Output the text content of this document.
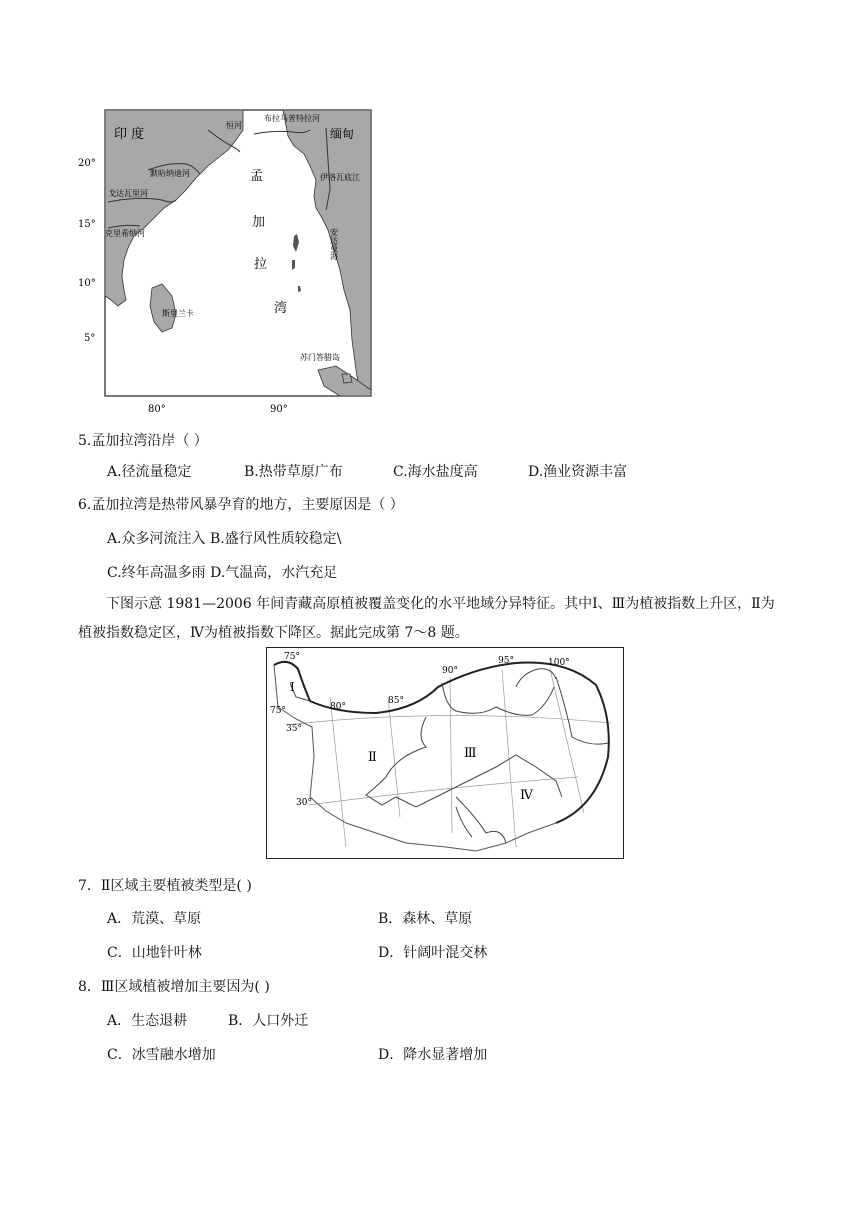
印 度	缅甸
恒河
布拉马普特拉河
默哈纳迪河
戈达瓦里河
克里希纳河
伊洛瓦底江
孟
加
拉
湾
安达曼海
斯里兰卡
苏门答腊岛
20°
15°
10°
5°
80°	90°
5.孟加拉湾沿岸（ ）
A.径流量稳定	B.热带草原广布	C.海水盐度高	D.渔业资源丰富
6.孟加拉湾是热带风暴孕育的地方，主要原因是（ ）
A.众多河流注入 B.盛行风性质较稳定\
C.终年高温多雨 D.气温高，水汽充足
下图示意 1981—2006 年间青藏高原植被覆盖变化的水平地域分异特征。其中Ⅰ、Ⅲ为植被指数上升区，Ⅱ为植被指数稳定区，Ⅳ为植被指数下降区。据此完成第 7～8 题。
Ⅰ
Ⅱ	Ⅲ
Ⅳ
75°
80°
85°
90°
95°	100°
75°
35°
30°
7．Ⅱ区域主要植被类型是( )
A．荒漠、草原	B．森林、草原
C．山地针叶林	D．针阔叶混交林
8．Ⅲ区域植被增加主要因为( )
A．生态退耕	B．人口外迁
C．冰雪融水增加	D．降水显著增加
